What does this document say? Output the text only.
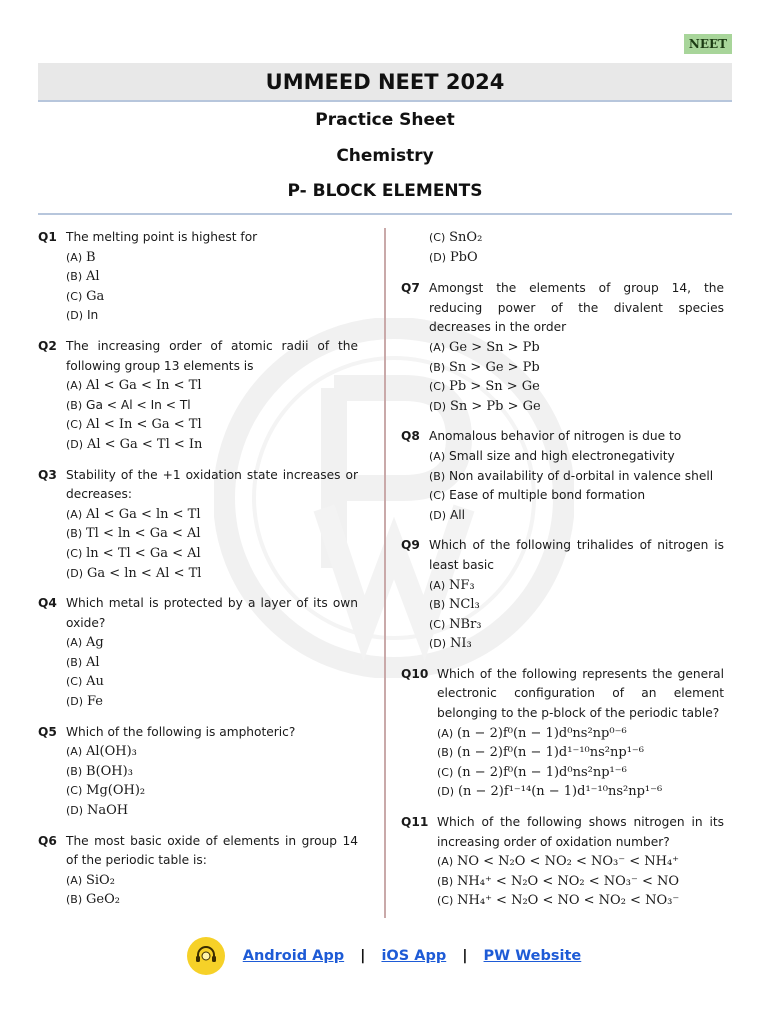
NEET
UMMEED NEET 2024
Practice Sheet
Chemistry
P- BLOCK ELEMENTS
Q1 The melting point is highest for
(A) B
(B) Al
(C) Ga
(D) In
Q2 The increasing order of atomic radii of the following group 13 elements is
(A) Al < Ga < In < Tl
(B) Ga < Al < In < Tl
(C) Al < In < Ga < Tl
(D) Al < Ga < Tl < In
Q3 Stability of the +1 oxidation state increases or decreases:
(A) Al < Ga < ln < Tl
(B) Tl < ln < Ga < Al
(C) ln < Tl < Ga < Al
(D) Ga < ln < Al < Tl
Q4 Which metal is protected by a layer of its own oxide?
(A) Ag
(B) Al
(C) Au
(D) Fe
Q5 Which of the following is amphoteric?
(A) Al(OH)₃
(B) B(OH)₃
(C) Mg(OH)₂
(D) NaOH
Q6 The most basic oxide of elements in group 14 of the periodic table is:
(A) SiO₂
(B) GeO₂
(C) SnO₂
(D) PbO
Q7 Amongst the elements of group 14, the reducing power of the divalent species decreases in the order
(A) Ge > Sn > Pb
(B) Sn > Ge > Pb
(C) Pb > Sn > Ge
(D) Sn > Pb > Ge
Q8 Anomalous behavior of nitrogen is due to
(A) Small size and high electronegativity
(B) Non availability of d-orbital in valence shell
(C) Ease of multiple bond formation
(D) All
Q9 Which of the following trihalides of nitrogen is least basic
(A) NF₃
(B) NCl₃
(C) NBr₃
(D) NI₃
Q10 Which of the following represents the general electronic configuration of an element belonging to the p-block of the periodic table?
(A) (n − 2)f⁰(n − 1)d⁰ns²np⁰⁻⁶
(B) (n − 2)f⁰(n − 1)d¹⁻¹⁰ns²np¹⁻⁶
(C) (n − 2)f⁰(n − 1)d⁰ns²np¹⁻⁶
(D) (n − 2)f¹⁻¹⁴(n − 1)d¹⁻¹⁰ns²np¹⁻⁶
Q11 Which of the following shows nitrogen in its increasing order of oxidation number?
(A) NO < N₂O < NO₂ < NO₃⁻ < NH₄⁺
(B) NH₄⁺ < N₂O < NO₂ < NO₃⁻ < NO
(C) NH₄⁺ < N₂O < NO < NO₂ < NO₃⁻
Android App | iOS App | PW Website
